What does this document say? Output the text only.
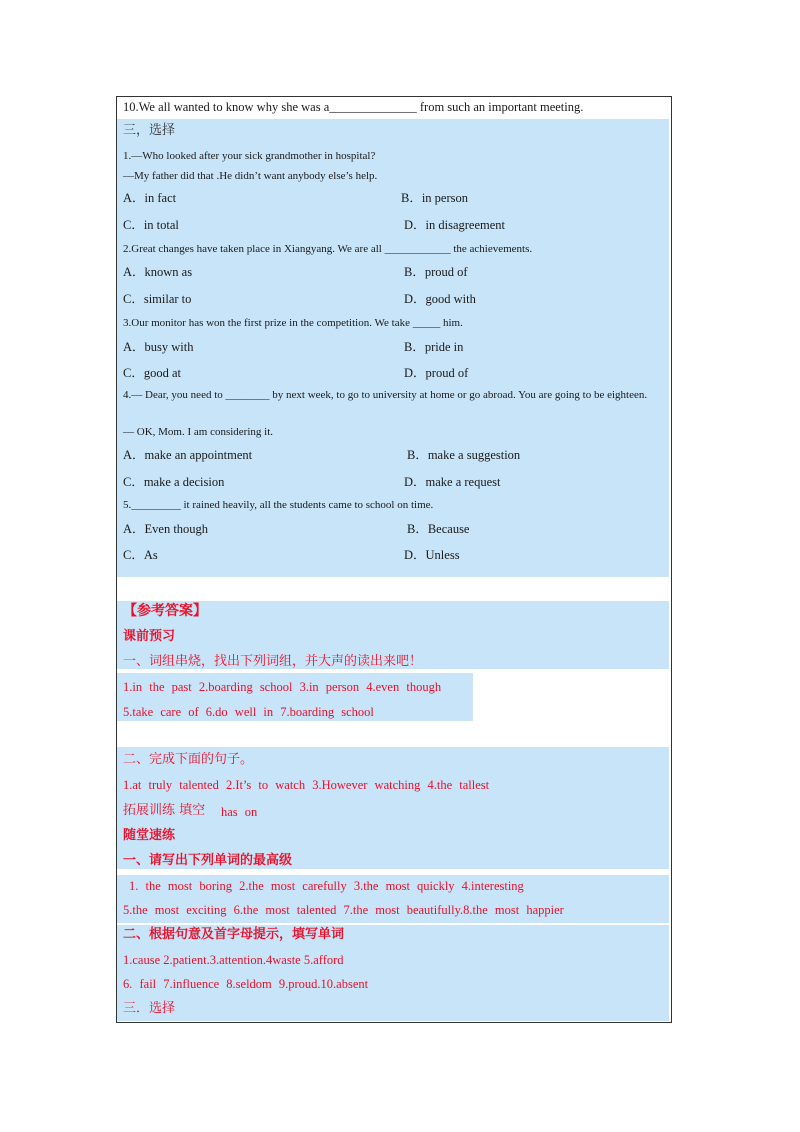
10.We all wanted to know why she was a______________ from such an important meeting.
三，选择
1.—Who looked after your sick grandmother in hospital?
—My father did that .He didn’t want anybody else’s help.
A．in fact	B．in person
C．in total	D．in disagreement
2.Great changes have taken place in Xiangyang. We are all ____________ the achievements.
A．known as	B．proud of
C．similar to	D．good with
3.Our monitor has won the first prize in the competition. We take _____ him.
A．busy with	B．pride in
C．good at	D．proud of
4.— Dear, you need to ________ by next week, to go to university at home or go abroad. You are going to be eighteen.
— OK, Mom. I am considering it.
A．make an appointment	B．make a suggestion
C．make a decision	D．make a request
5._________ it rained heavily, all the students came to school on time.
A．Even though	B．Because
C．As	D．Unless
【参考答案】
课前预习
一、词组串烧，找出下列词组，并大声的读出来吧！
1.in the past 2.boarding school 3.in person 4.even though
5.take care of 6.do well in 7.boarding school
二、完成下面的句子。
1.at truly talented 2.It’s to watch 3.However watching 4.the tallest
拓展训练 填空 has on
随堂速练
一、请写出下列单词的最高级
1. the most boring 2.the most carefully 3.the most quickly 4.interesting
5.the most exciting 6.the most talented 7.the most beautifully.8.the most happier
二、根据句意及首字母提示，填写单词
1.cause 2.patient.3.attention.4waste 5.afford
6. fail 7.influence 8.seldom 9.proud.10.absent
三．选择
